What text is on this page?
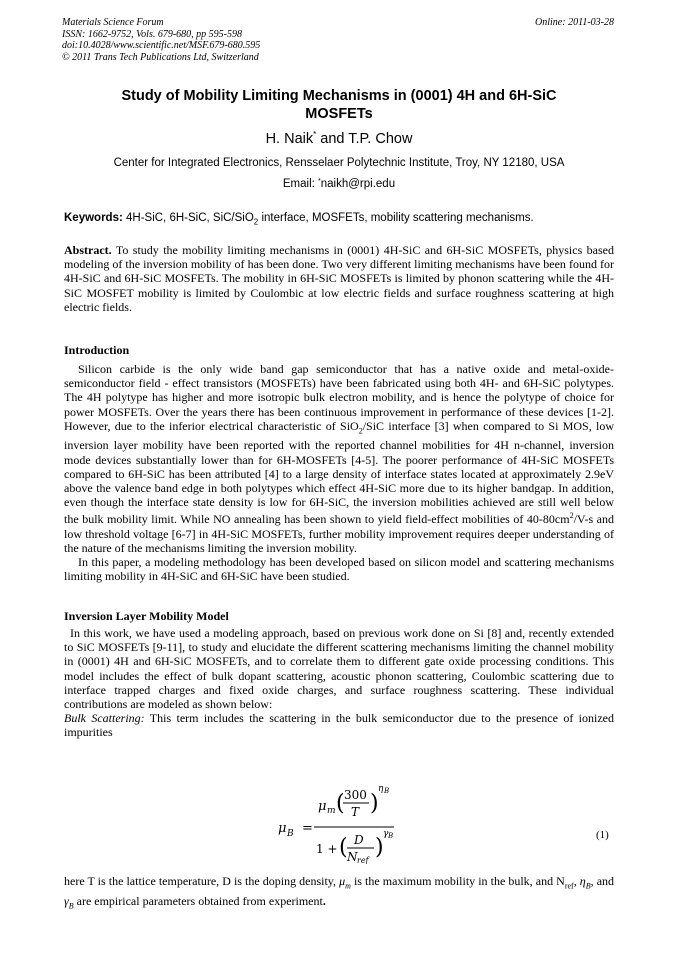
Materials Science Forum
ISSN: 1662-9752, Vols. 679-680, pp 595-598
doi:10.4028/www.scientific.net/MSF.679-680.595
© 2011 Trans Tech Publications Ltd, Switzerland
Online: 2011-03-28
Study of Mobility Limiting Mechanisms in (0001) 4H and 6H-SiC
MOSFETs
H. Naik* and T.P. Chow
Center for Integrated Electronics, Rensselaer Polytechnic Institute, Troy, NY 12180, USA
Email: *naikh@rpi.edu
Keywords: 4H-SiC, 6H-SiC, SiC/SiO$_2$ interface, MOSFETs, mobility scattering mechanisms.
Abstract. To study the mobility limiting mechanisms in (0001) 4H-SiC and 6H-SiC MOSFETs, physics based modeling of the inversion mobility of has been done. Two very different limiting mechanisms have been found for 4H-SiC and 6H-SiC MOSFETs. The mobility in 6H-SiC MOSFETs is limited by phonon scattering while the 4H-SiC MOSFET mobility is limited by Coulombic at low electric fields and surface roughness scattering at high electric fields.
Introduction
Silicon carbide is the only wide band gap semiconductor that has a native oxide and metal-oxide-semiconductor field - effect transistors (MOSFETs) have been fabricated using both 4H- and 6H-SiC polytypes. The 4H polytype has higher and more isotropic bulk electron mobility, and is hence the polytype of choice for power MOSFETs. Over the years there has been continuous improvement in performance of these devices [1-2]. However, due to the inferior electrical characteristic of SiO$_2$/SiC interface [3] when compared to Si MOS, low inversion layer mobility have been reported with the reported channel mobilities for 4H n-channel, inversion mode devices substantially lower than for 6H-MOSFETs [4-5]. The poorer performance of 4H-SiC MOSFETs compared to 6H-SiC has been attributed [4] to a large density of interface states located at approximately 2.9eV above the valence band edge in both polytypes which effect 4H-SiC more due to its higher bandgap. In addition, even though the interface state density is low for 6H-SiC, the inversion mobilities achieved are still well below the bulk mobility limit. While NO annealing has been shown to yield field-effect mobilities of $40-80cm^2/V-s$ and low threshold voltage [6-7] in 4H-SiC MOSFETs, further mobility improvement requires deeper understanding of the nature of the mechanisms limiting the inversion mobility.
In this paper, a modeling methodology has been developed based on silicon model and scattering mechanisms limiting mobility in 4H-SiC and 6H-SiC have been studied.
Inversion Layer Mobility Model
In this work, we have used a modeling approach, based on previous work done on Si [8] and, recently extended to SiC MOSFETs [9-11], to study and elucidate the different scattering mechanisms limiting the channel mobility in (0001) 4H and 6H-SiC MOSFETs, and to correlate them to different gate oxide processing conditions. This model includes the effect of bulk dopant scattering, acoustic phonon scattering, Coulombic scattering due to interface trapped charges and fixed oxide charges, and surface roughness scattering. These individual contributions are modeled as shown below:
Bulk Scattering: This term includes the scattering in the bulk semiconductor due to the presence of ionized impurities
μ B =
μ m ( 300
T )
η B
1 + ( D
N ref
)
γ B	(1)
here T is the lattice temperature, D is the doping density, $\mu_m$ is the maximum mobility in the bulk, and $N_{ref}$, $\eta_B$, and $\gamma_B$ are empirical parameters obtained from experiment.
